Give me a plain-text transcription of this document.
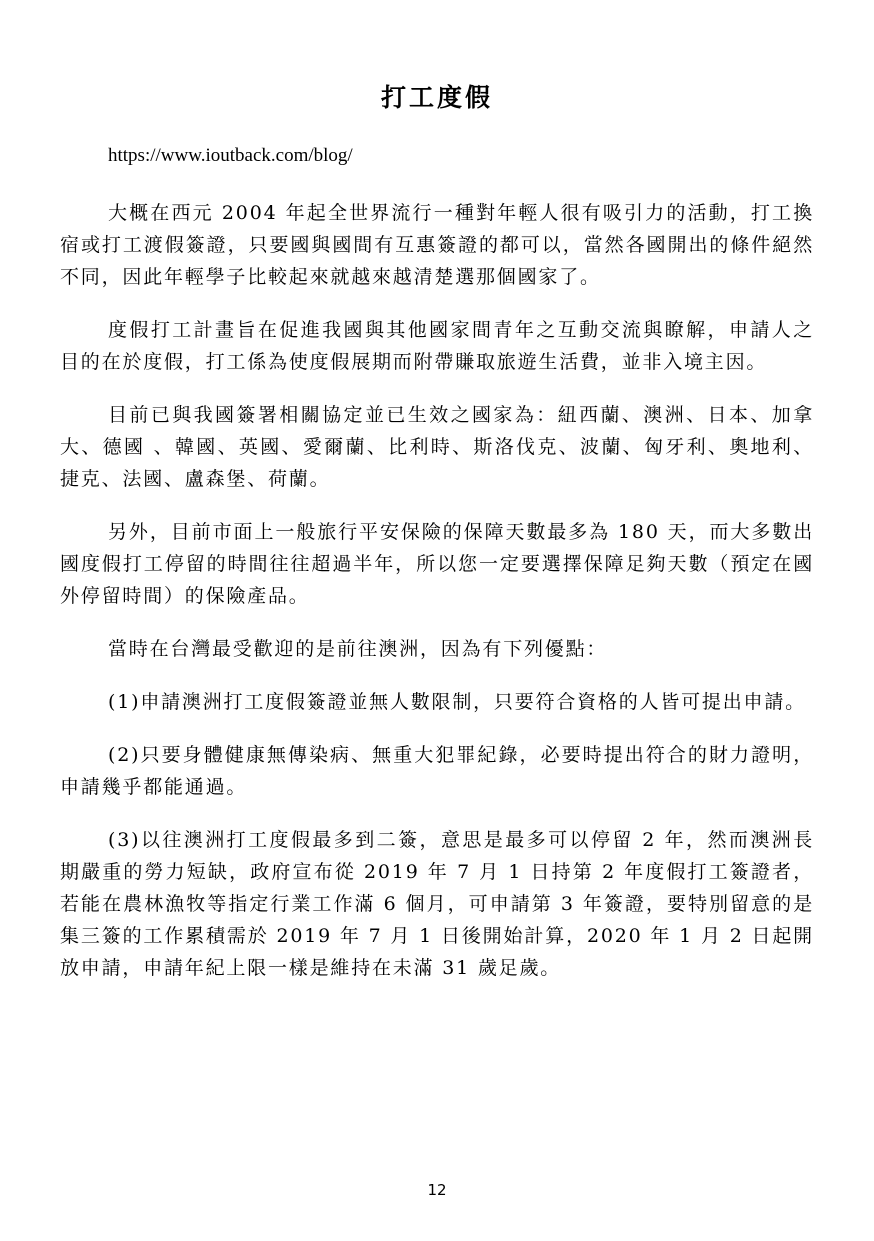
打工度假

https://www.ioutback.com/blog/

大概在西元 2004 年起全世界流行一種對年輕人很有吸引力的活動，打工換宿或打工渡假簽證，只要國與國間有互惠簽證的都可以，當然各國開出的條件絕然不同，因此年輕學子比較起來就越來越清楚選那個國家了。

度假打工計畫旨在促進我國與其他國家間青年之互動交流與瞭解，申請人之目的在於度假，打工係為使度假展期而附帶賺取旅遊生活費，並非入境主因。

目前已與我國簽署相關協定並已生效之國家為：紐西蘭、澳洲、日本、加拿大、德國 、韓國、英國、愛爾蘭、比利時、斯洛伐克、波蘭、匈牙利、奧地利、捷克、法國、盧森堡、荷蘭。

另外，目前市面上一般旅行平安保險的保障天數最多為 180 天，而大多數出國度假打工停留的時間往往超過半年，所以您一定要選擇保障足夠天數（預定在國外停留時間）的保險產品。

當時在台灣最受歡迎的是前往澳洲，因為有下列優點：

(1)申請澳洲打工度假簽證並無人數限制，只要符合資格的人皆可提出申請。

(2)只要身體健康無傳染病、無重大犯罪紀錄，必要時提出符合的財力證明，申請幾乎都能通過。

(3)以往澳洲打工度假最多到二簽，意思是最多可以停留 2 年，然而澳洲長期嚴重的勞力短缺，政府宣布從 2019 年 7 月 1 日持第 2 年度假打工簽證者，若能在農林漁牧等指定行業工作滿 6 個月，可申請第 3 年簽證，要特別留意的是集三簽的工作累積需於 2019 年 7 月 1 日後開始計算，2020 年 1 月 2 日起開放申請，申請年紀上限一樣是維持在未滿 31 歲足歲。

12
